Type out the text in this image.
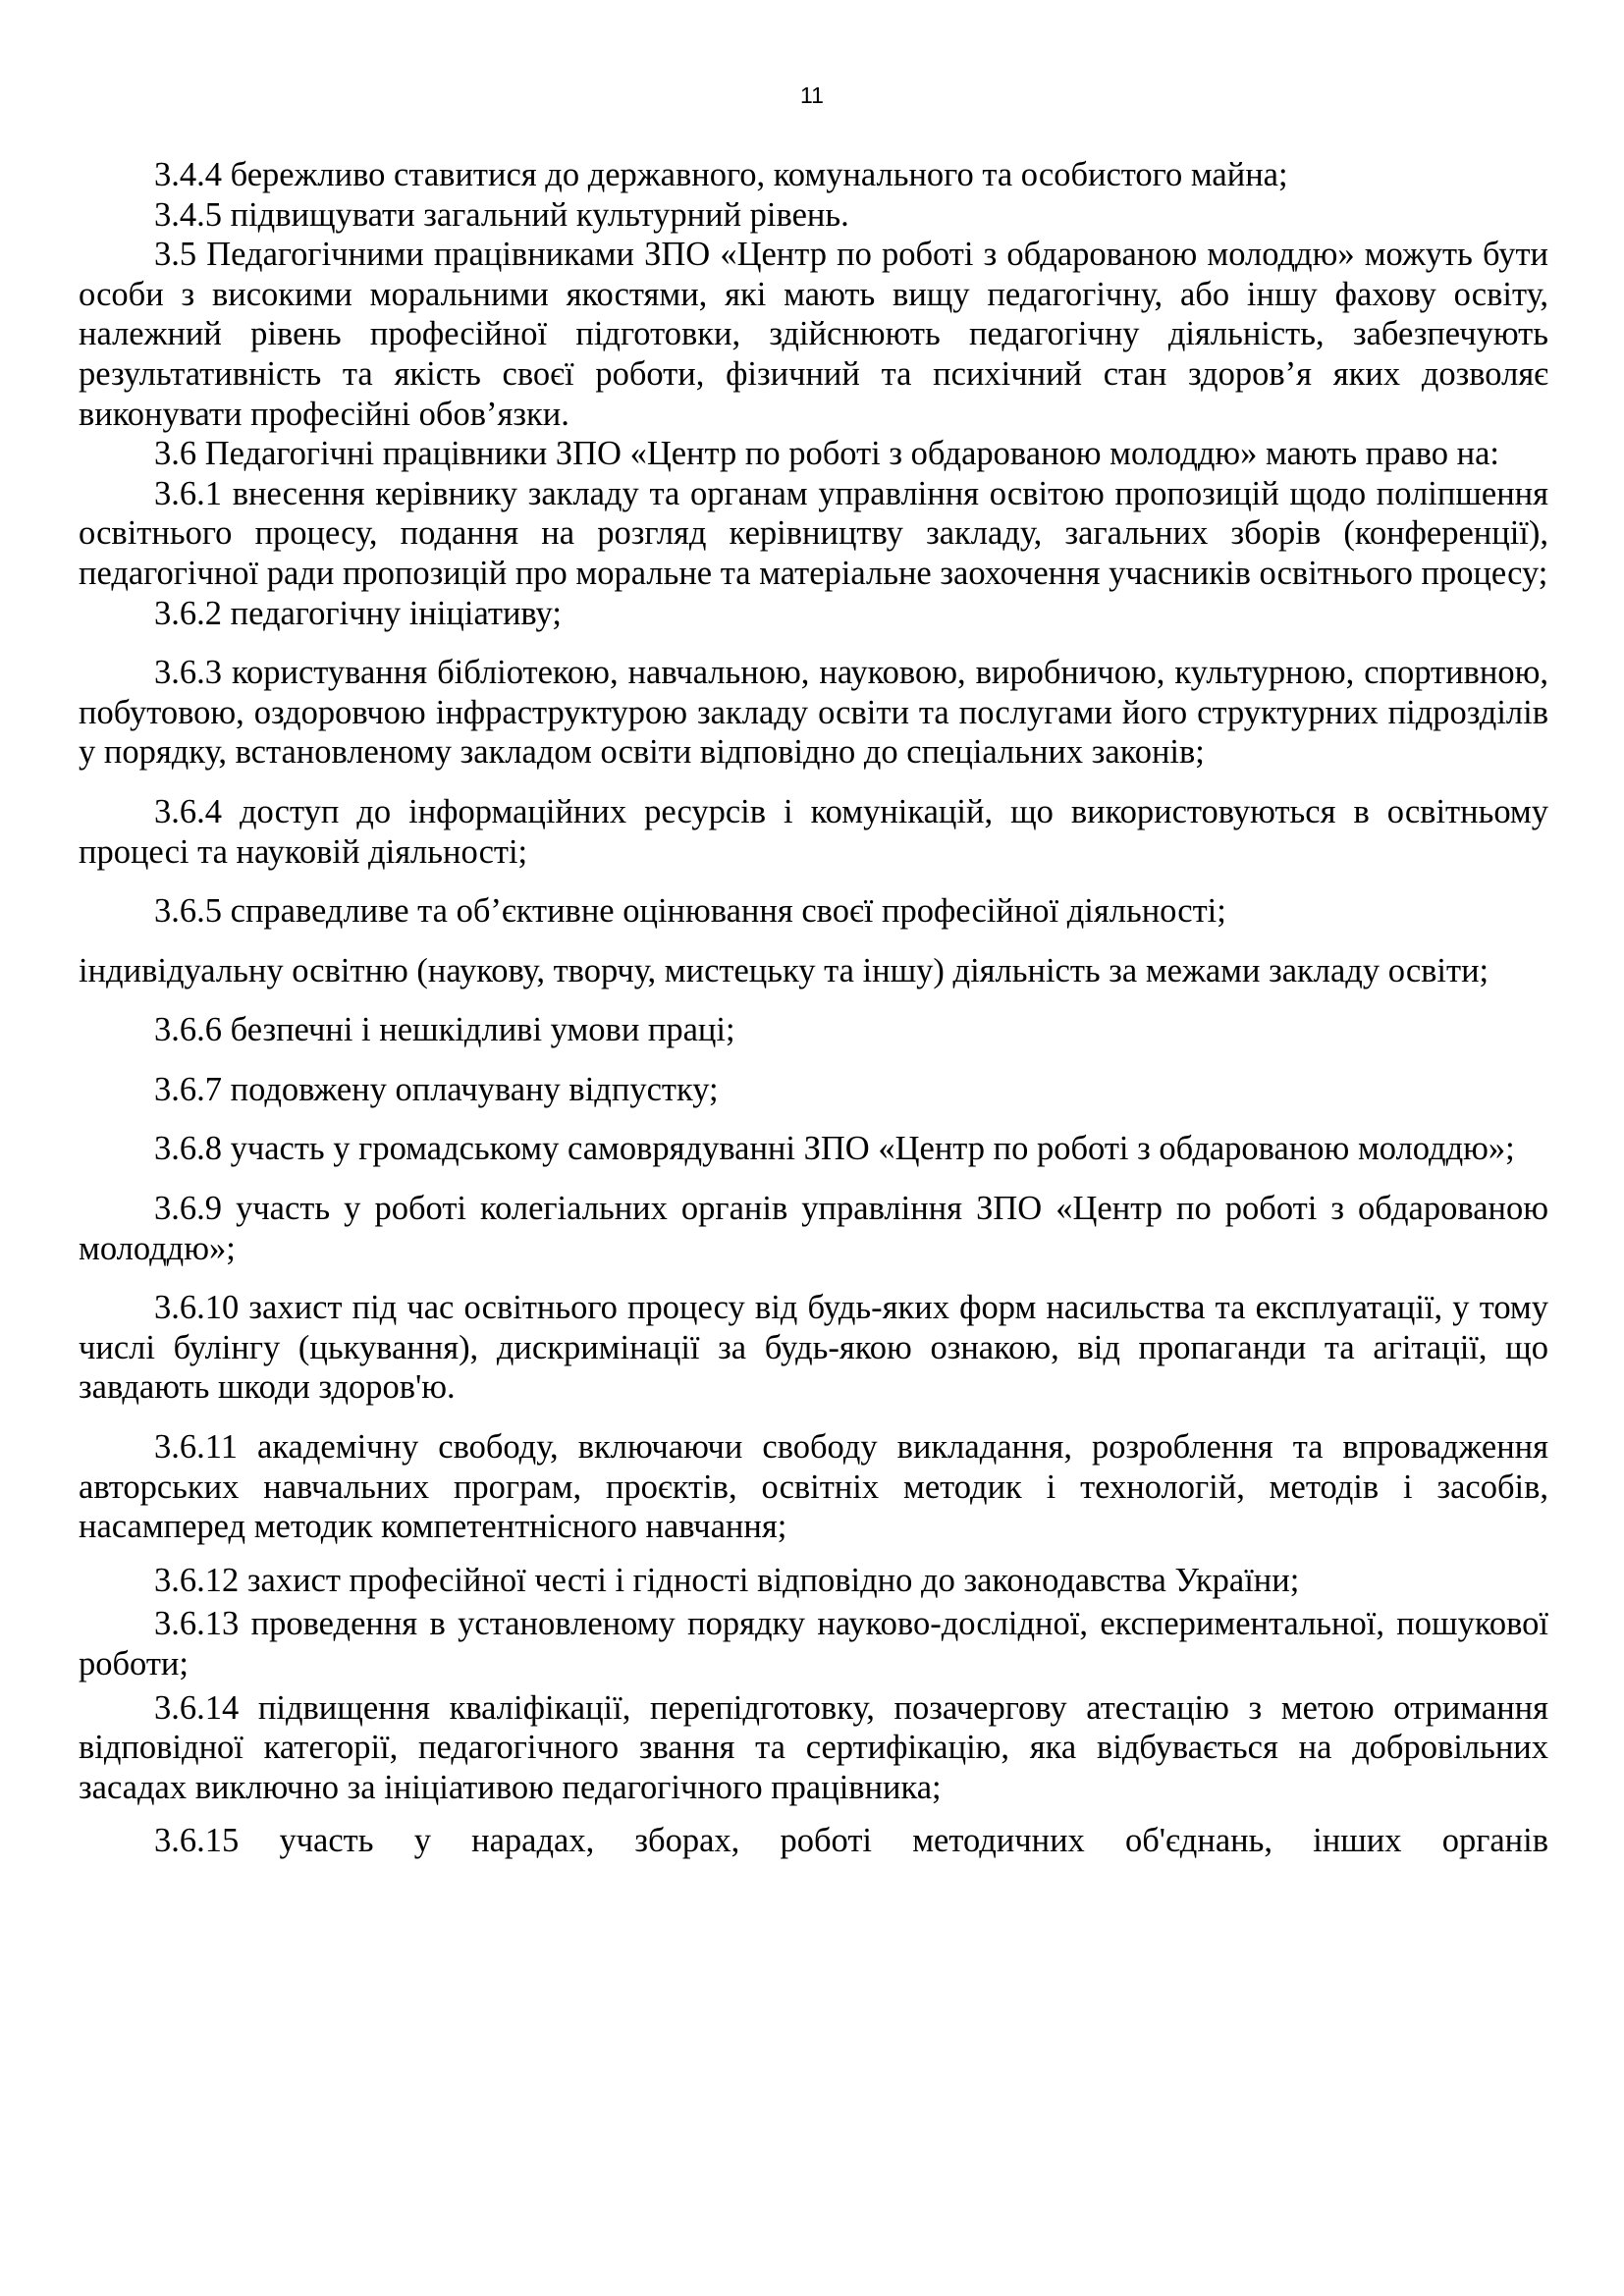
11

3.4.4 бережливо ставитися до державного, комунального та особистого майна;

3.4.5 підвищувати загальний культурний рівень.

3.5 Педагогічними працівниками ЗПО «Центр по роботі з обдарованою молоддю» можуть бути особи з високими моральними якостями, які мають вищу педагогічну, або іншу фахову освіту, належний рівень професійної підготовки, здійснюють педагогічну діяльність, забезпечують результативність та якість своєї роботи, фізичний та психічний стан здоров’я яких дозволяє виконувати професійні обов’язки.

3.6 Педагогічні працівники ЗПО «Центр по роботі з обдарованою молоддю» мають право на:

3.6.1 внесення керівнику закладу та органам управління освітою пропозицій щодо поліпшення освітнього процесу, подання на розгляд керівництву закладу, загальних зборів (конференції), педагогічної ради пропозицій про моральне та матеріальне заохочення учасників освітнього процесу;

3.6.2 педагогічну ініціативу;

3.6.3 користування бібліотекою, навчальною, науковою, виробничою, культурною, спортивною, побутовою, оздоровчою інфраструктурою закладу освіти та послугами його структурних підрозділів у порядку, встановленому закладом освіти відповідно до спеціальних законів;

3.6.4 доступ до інформаційних ресурсів і комунікацій, що використовуються в освітньому процесі та науковій діяльності;

3.6.5 справедливе та об’єктивне оцінювання своєї професійної діяльності;

індивідуальну освітню (наукову, творчу, мистецьку та іншу) діяльність за межами закладу освіти;

3.6.6 безпечні і нешкідливі умови праці;

3.6.7 подовжену оплачувану відпустку;

3.6.8 участь у громадському самоврядуванні ЗПО «Центр по роботі з обдарованою молоддю»;

3.6.9 участь у роботі колегіальних органів управління ЗПО «Центр по роботі з обдарованою молоддю»;

3.6.10 захист під час освітнього процесу від будь-яких форм насильства та експлуатації, у тому числі булінгу (цькування), дискримінації за будь-якою ознакою, від пропаганди та агітації, що завдають шкоди здоров'ю.

3.6.11 академічну свободу, включаючи свободу викладання, розроблення та впровадження авторських навчальних програм, проєктів, освітніх методик і технологій, методів і засобів, насамперед методик компетентнісного навчання;

3.6.12 захист професійної честі і гідності відповідно до законодавства України;

3.6.13 проведення в установленому порядку науково-дослідної, експериментальної, пошукової роботи;

3.6.14 підвищення кваліфікації, перепідготовку, позачергову атестацію з метою отримання відповідної категорії, педагогічного звання та сертифікацію, яка відбувається на добровільних засадах виключно за ініціативою педагогічного працівника;

3.6.15 участь у нарадах, зборах, роботі методичних об'єднань, інших органів
